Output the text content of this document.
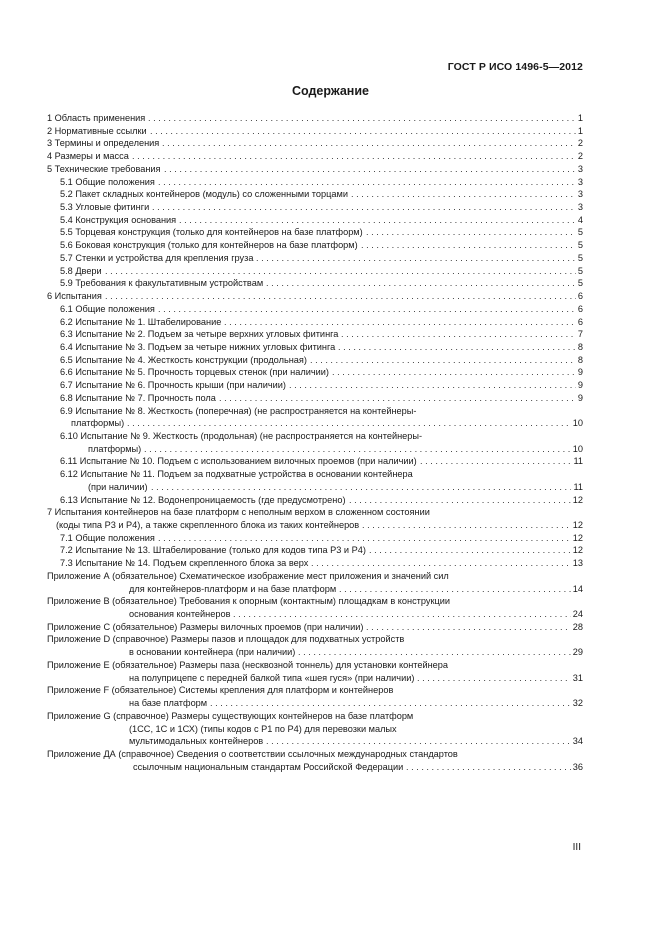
ГОСТ Р ИСО 1496-5—2012
Содержание
1 Область применения . . .	1
2 Нормативные ссылки . . .	1
3 Термины и определения . . .	2
4 Размеры и масса . . .	2
5 Технические требования . . .	3
5.1 Общие положения . . .	3
5.2 Пакет складных контейнеров (модуль) со сложенными торцами . . .	3
5.3 Угловые фитинги . . .	3
5.4 Конструкция основания . . .	4
5.5 Торцевая конструкция (только для контейнеров на базе платформ) . . .	5
5.6 Боковая конструкция (только для контейнеров на базе платформ) . . .	5
5.7 Стенки и устройства для крепления груза . . .	5
5.8 Двери . . .	5
5.9 Требования к факультативным устройствам . . .	5
6 Испытания . . .	6
6.1 Общие положения . . .	6
6.2 Испытание № 1. Штабелирование . . .	6
6.3 Испытание № 2. Подъем за четыре верхних угловых фитинга . . .	7
6.4 Испытание № 3. Подъем за четыре нижних угловых фитинга . . .	8
6.5 Испытание № 4. Жесткость конструкции (продольная) . . .	8
6.6 Испытание № 5. Прочность торцевых стенок (при наличии) . . .	9
6.7 Испытание № 6. Прочность крыши (при наличии) . . .	9
6.8 Испытание № 7. Прочность пола . . .	9
6.9 Испытание № 8. Жесткость (поперечная) (не распространяется на контейнеры-
платформы) . . .	10
6.10 Испытание № 9. Жесткость (продольная) (не распространяется на контейнеры-
платформы) . . .	10
6.11 Испытание № 10. Подъем с использованием вилочных проемов (при наличии) . . .	11
6.12 Испытание № 11. Подъем за подхватные устройства в основании контейнера
(при наличии) . . .	11
6.13 Испытание № 12. Водонепроницаемость (где предусмотрено) . . .	12
7 Испытания контейнеров на базе платформ с неполным верхом в сложенном состоянии
(коды типа Р3 и Р4), а также скрепленного блока из таких контейнеров . . .	12
7.1 Общие положения . . .	12
7.2 Испытание № 13. Штабелирование (только для кодов типа Р3 и Р4) . . .	12
7.3 Испытание № 14. Подъем скрепленного блока за верх . . .	13
Приложение А (обязательное) Схематическое изображение мест приложения и значений сил
для контейнеров-платформ и на базе платформ . . .	14
Приложение В (обязательное) Требования к опорным (контактным) площадкам в конструкции
основания контейнеров . . .	24
Приложение С (обязательное) Размеры вилочных проемов (при наличии) . . .	28
Приложение D (справочное) Размеры пазов и площадок для подхватных устройств
в основании контейнера (при наличии) . . .	29
Приложение Е (обязательное) Размеры паза (несквозной тоннель) для установки контейнера
на полуприцепе с передней балкой типа «шея гуся» (при наличии) . . .	31
Приложение F (обязательное) Системы крепления для платформ и контейнеров
на базе платформ . . .	32
Приложение G (справочное) Размеры существующих контейнеров на базе платформ
(1СС, 1С и 1СХ) (типы кодов с Р1 по Р4) для перевозки малых
мультимодальных контейнеров . . .	34
Приложение ДА (справочное) Сведения о соответствии ссылочных международных стандартов
ссылочным национальным стандартам Российской Федерации . . .	36
III
